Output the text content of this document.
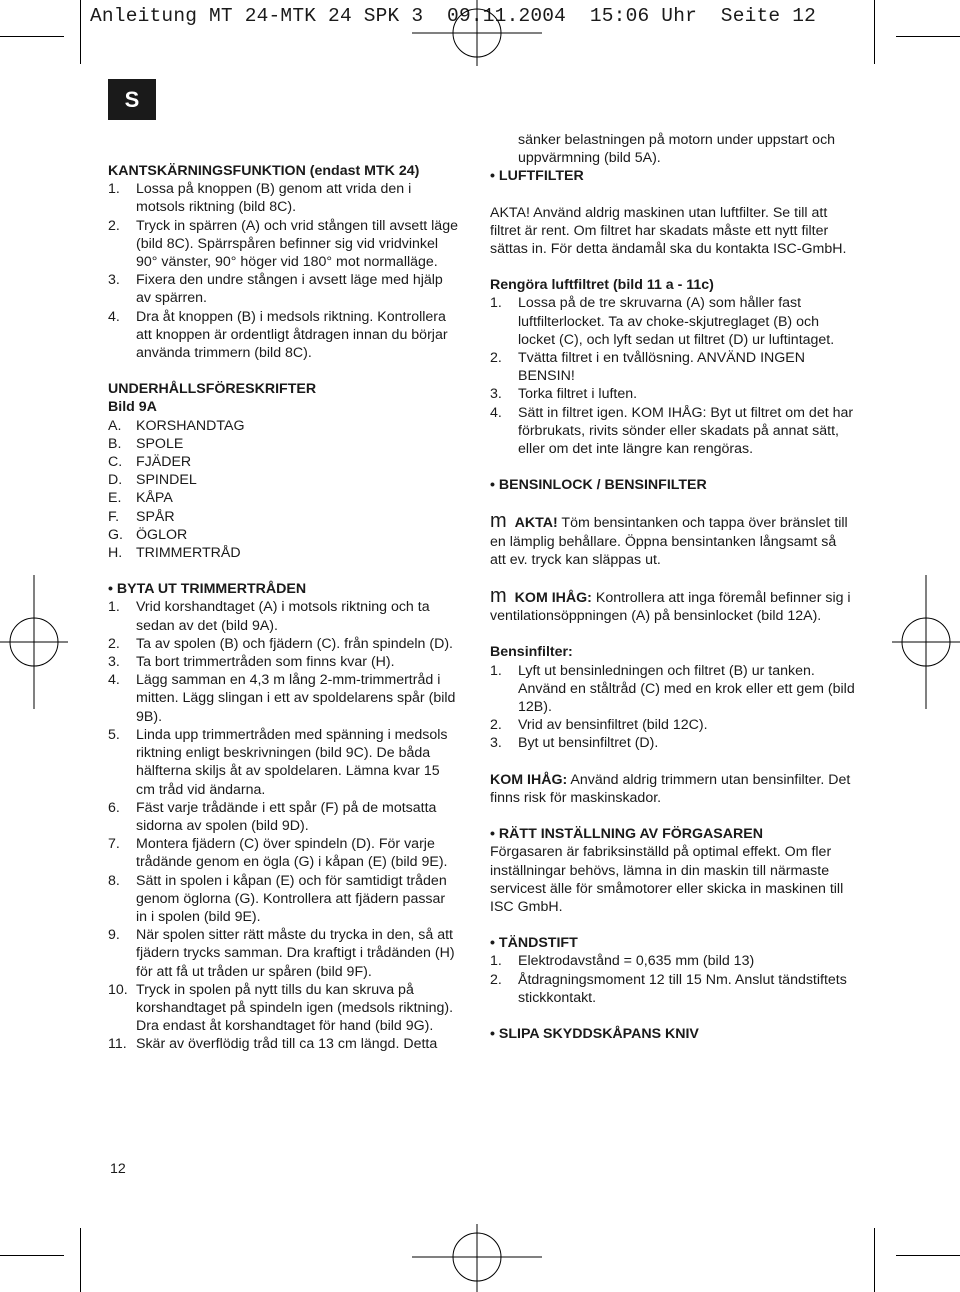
Anleitung MT 24-MTK 24 SPK 3  09.11.2004  15:06 Uhr  Seite 12

S
KANTSKÄRNINGSFUNKTION (endast MTK 24)
1.	Lossa på knoppen (B) genom att vrida den i motsols riktning (bild 8C).
2.	Tryck in spärren (A) och vrid stången till avsett läge (bild 8C). Spärrspåren befinner sig vid vridvinkel 90° vänster, 90° höger vid 180° mot normalläge.
3.	Fixera den undre stången i avsett läge med hjälp av spärren.
4.	Dra åt knoppen (B) i medsols riktning. Kontrollera att knoppen är ordentligt åtdragen innan du börjar använda trimmern (bild 8C).
UNDERHÅLLSFÖRESKRIFTER
Bild 9A
A.	KORSHANDTAG
B.	SPOLE
C. FJÄDER
D. SPINDEL
E.	KÅPA
F.	SPÅR
G. ÖGLOR
H. TRIMMERTRÅD
• BYTA UT TRIMMERTRÅDEN
1.	Vrid korshandtaget (A) i motsols riktning och ta sedan av det (bild 9A).
2.	Ta av spolen (B) och fjädern (C). från spindeln (D).
3.	Ta bort trimmertråden som finns kvar (H).
4.	Lägg samman en 4,3 m lång 2-mm-trimmertråd i mitten. Lägg slingan i ett av spoldelarens spår (bild 9B).
5.	Linda upp trimmertråden med spänning i medsols riktning enligt beskrivningen (bild 9C). De båda hälfterna skiljs åt av spoldelaren. Lämna kvar 15 cm tråd vid ändarna.
6.	Fäst varje trådände i ett spår (F) på de motsatta sidorna av spolen (bild 9D).
7.	Montera fjädern (C) över spindeln (D). För varje trådände genom en ögla (G) i kåpan (E) (bild 9E).
8.	Sätt in spolen i kåpan (E) och för samtidigt tråden genom öglorna (G). Kontrollera att fjädern passar in i spolen (bild 9E).
9.	När spolen sitter rätt måste du trycka in den, så att fjädern trycks samman. Dra kraftigt i trådänden (H) för att få ut tråden ur spåren (bild 9F).
10. Tryck in spolen på nytt tills du kan skruva på korshandtaget på spindeln igen (medsols riktning). Dra endast åt korshandtaget för hand (bild 9G).
11. Skär av överflödig tråd till ca 13 cm längd. Detta
sänker belastningen på motorn under uppstart och uppvärmning (bild 5A).
• LUFTFILTER
AKTA! Använd aldrig maskinen utan luftfilter. Se till att filtret är rent. Om filtret har skadats måste ett nytt filter sättas in. För detta ändamål ska du kontakta ISC-GmbH.
Rengöra luftfiltret (bild 11 a - 11c)
1.	Lossa på de tre skruvarna (A) som håller fast luftfilterlocket. Ta av choke-skjutreglaget (B) och locket (C), och lyft sedan ut filtret (D) ur luftintaget.
2.	Tvätta filtret i en tvållösning. ANVÄND INGEN BENSIN!
3.	Torka filtret i luften.
4.	Sätt in filtret igen. KOM IHÅG: Byt ut filtret om det har förbrukats, rivits sönder eller skadats på annat sätt, eller om det inte längre kan rengöras.
• BENSINLOCK / BENSINFILTER
m AKTA! Töm bensintanken och tappa över bränslet till en lämplig behållare. Öppna bensintanken långsamt så att ev. tryck kan släppas ut.
m KOM IHÅG: Kontrollera att inga föremål befinner sig i ventilationsöppningen (A) på bensinlocket (bild 12A).
Bensinfilter:
1.	Lyft ut bensinledningen och filtret (B) ur tanken. Använd en ståltråd (C) med en krok eller ett gem (bild 12B).
2.	Vrid av bensinfiltret (bild 12C).
3.	Byt ut bensinfiltret (D).
KOM IHÅG: Använd aldrig trimmern utan bensinfilter. Det finns risk för maskinskador.
• RÄTT INSTÄLLNING AV FÖRGASAREN
Förgasaren är fabriksinställd på optimal effekt. Om fler inställningar behövs, lämna in din maskin till närmaste servicest älle för småmotorer eller skicka in maskinen till ISC GmbH.
• TÄNDSTIFT
1.	Elektrodavstånd = 0,635 mm (bild 13)
2.	Åtdragningsmoment 12 till 15 Nm. Anslut tändstiftets stickkontakt.
• SLIPA SKYDDSKÅPANS KNIV
12
